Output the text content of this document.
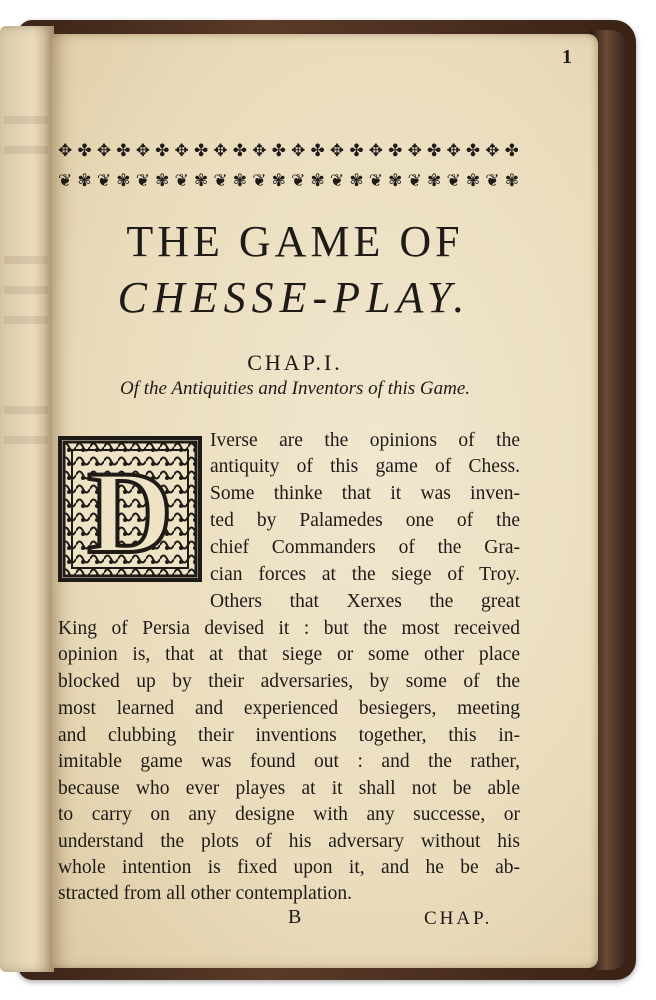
1
✥ ✤ ✥ ✤ ✥ ✤ ✥ ✤ ✥ ✤ ✥ ✤ ✥ ✤ ✥ ✤ ✥ ✤ ✥ ✤ ✥ ✤ ✥ ✤
❦ ✾ ❦ ✾ ❦ ✾ ❦ ✾ ❦ ✾ ❦ ✾ ❦ ✾ ❦ ✾ ❦ ✾ ❦ ✾ ❦ ✾ ❦ ✾
THE GAME OF
CHESSE-PLAY.
CHAP.I.
Of the Antiquities and Inventors of this Game.
D
Iverse are the opinions of the
antiquity of this game of Chess.
Some thinke that it was inven-
ted by Palamedes one of the
chief Commanders of the Gra-
cian forces at the siege of Troy.
Others that Xerxes the great
King of Persia devised it : but the most received
opinion is, that at that siege or some other place
blocked up by their adversaries, by some of the
most learned and experienced besiegers, meeting
and clubbing their inventions together, this in-
imitable game was found out : and the rather,
because who ever playes at it shall not be able
to carry on any designe with any successe, or
understand the plots of his adversary without his
whole intention is fixed upon it, and he be ab-
stracted from all other contemplation.
B	CHAP.
